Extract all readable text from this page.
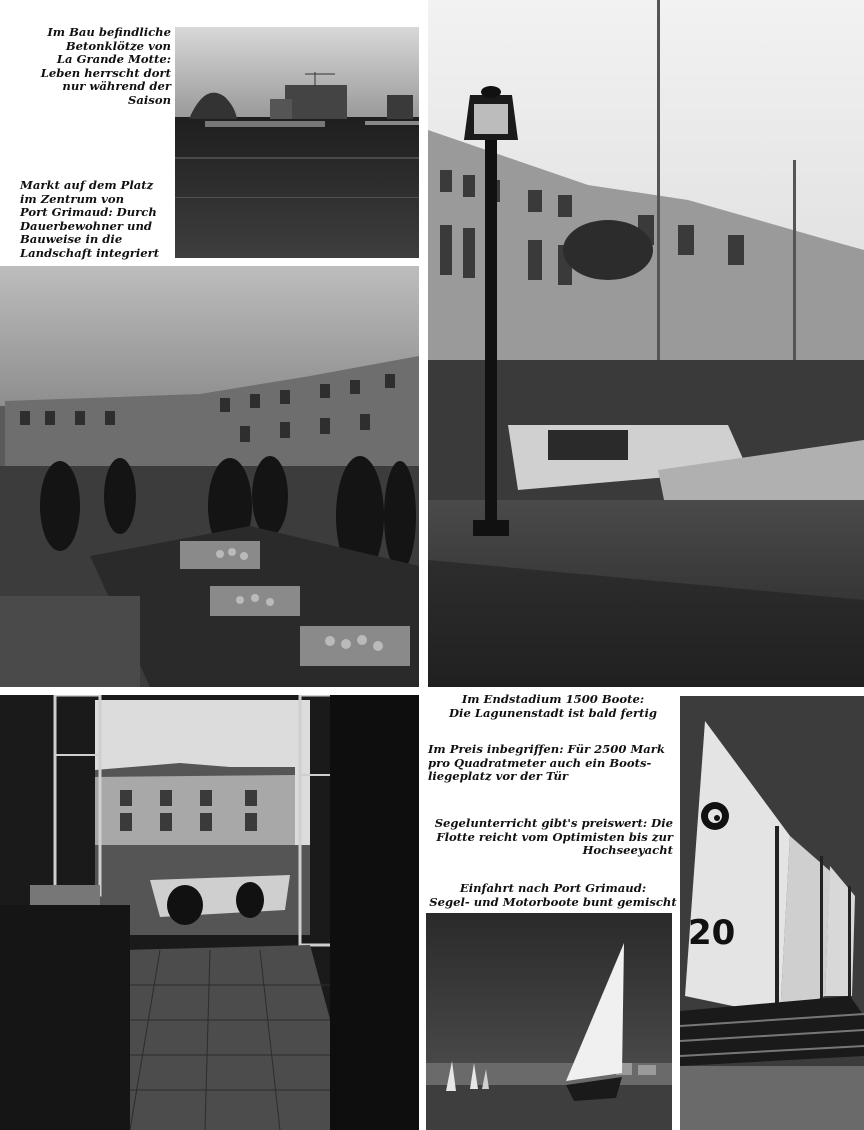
Im Bau befindliche
Betonklötze von
La Grande Motte:
Leben herrscht dort
nur während der
Saison
Markt auf dem Platz
im Zentrum von
Port Grimaud: Durch
Dauerbewohner und
Bauweise in die
Landschaft integriert
Im Endstadium 1500 Boote:
Die Lagunenstadt ist bald fertig
Im Preis inbegriffen: Für 2500 Mark
pro Quadratmeter auch ein Boots-
liegeplatz vor der Tür
Segelunterricht gibt's preiswert: Die
Flotte reicht vom Optimisten bis zur
Hochseeyacht
Einfahrt nach Port Grimaud:
Segel- und Motorboote bunt gemischt
20
